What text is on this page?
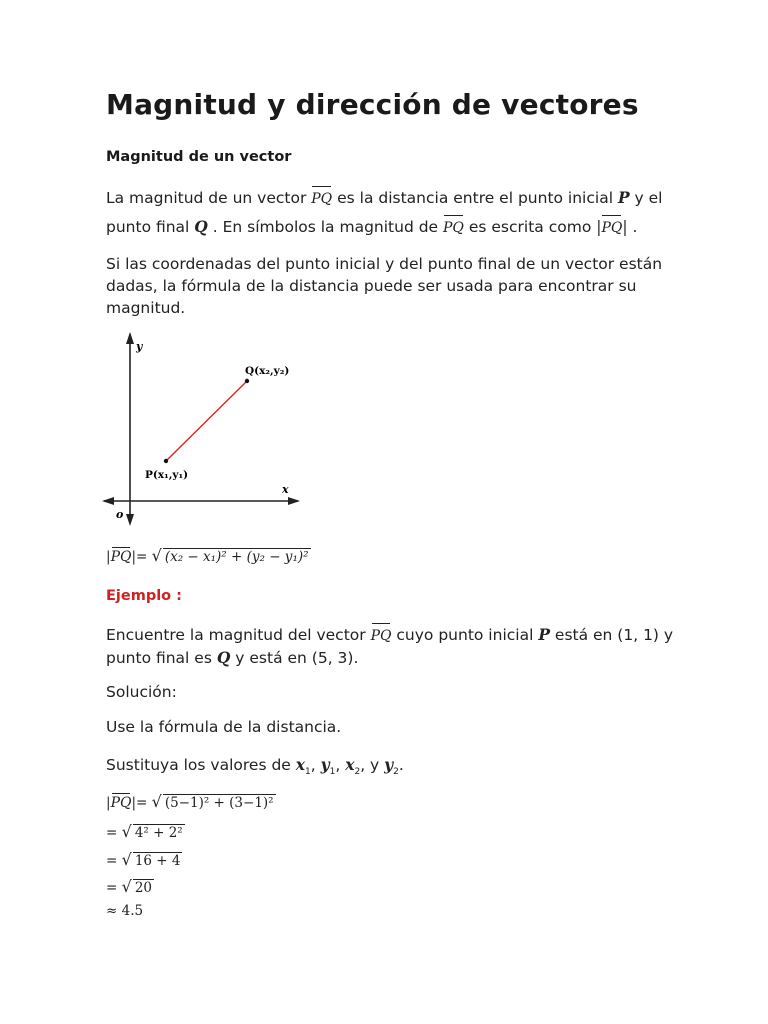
Magnitud y dirección de vectores
Magnitud de un vector
La magnitud de un vector PQ es la distancia entre el punto inicial P y el
punto final Q . En símbolos la magnitud de PQ es escrita como |PQ| .
Si las coordenadas del punto inicial y del punto final de un vector están dadas, la fórmula de la distancia puede ser usada para encontrar su magnitud.
y
x
o
Q(x₂,y₂)
P(x₁,y₁)
|PQ|= √ (x₂ − x₁)² + (y₂ − y₁)²
Ejemplo :
Encuentre la magnitud del vector PQ cuyo punto inicial P está en (1, 1) y
punto final es Q y está en (5, 3).
Solución:
Use la fórmula de la distancia.
Sustituya los valores de $x_1$, $y_1$, $x_2$, y $y_2$.
|PQ|= √ (5−1)² + (3−1)²
= √ 4² + 2²
= √ 16 + 4
= √ 20
≈ 4.5
